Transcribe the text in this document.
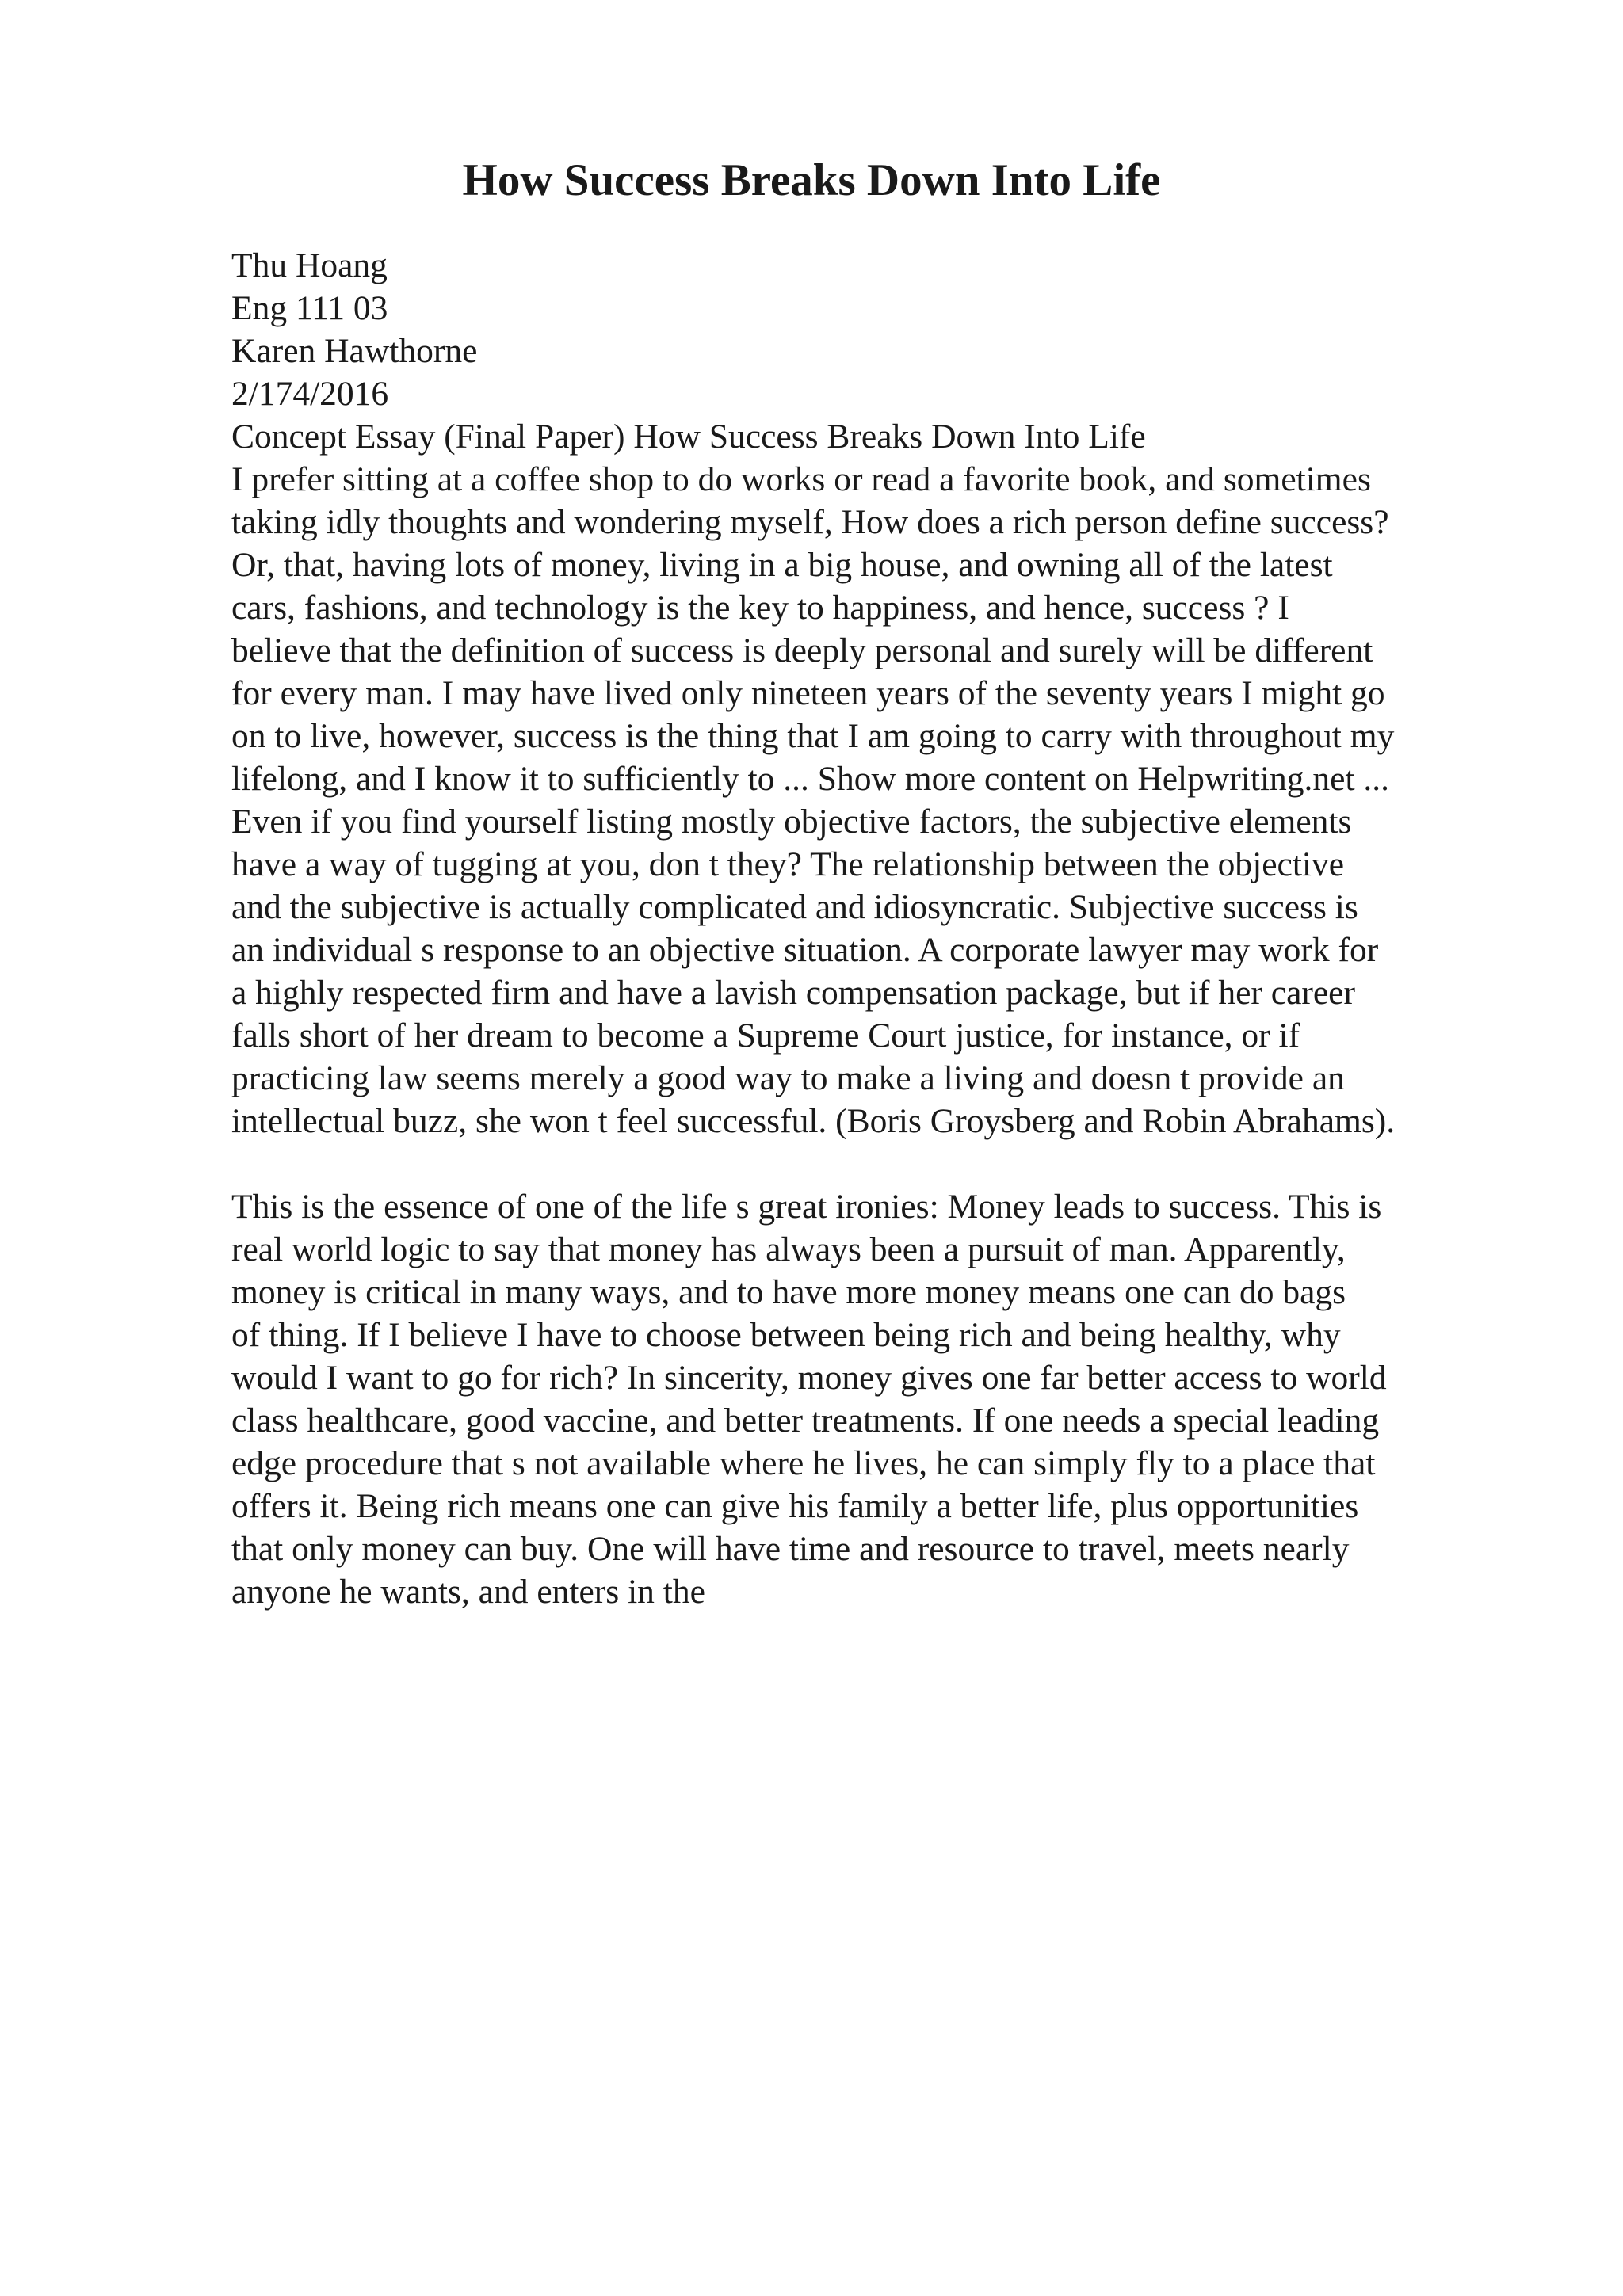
How Success Breaks Down Into Life
Thu Hoang
Eng 111 03
Karen Hawthorne
2/174/2016
Concept Essay (Final Paper) How Success Breaks Down Into Life
I prefer sitting at a coffee shop to do works or read a favorite book, and sometimes
taking idly thoughts and wondering myself, How does a rich person define success?
Or, that, having lots of money, living in a big house, and owning all of the latest
cars, fashions, and technology is the key to happiness, and hence, success ? I
believe that the definition of success is deeply personal and surely will be different
for every man. I may have lived only nineteen years of the seventy years I might go
on to live, however, success is the thing that I am going to carry with throughout my
lifelong, and I know it to sufficiently to ... Show more content on Helpwriting.net ...
Even if you find yourself listing mostly objective factors, the subjective elements
have a way of tugging at you, don t they? The relationship between the objective
and the subjective is actually complicated and idiosyncratic. Subjective success is
an individual s response to an objective situation. A corporate lawyer may work for
a highly respected firm and have a lavish compensation package, but if her career
falls short of her dream to become a Supreme Court justice, for instance, or if
practicing law seems merely a good way to make a living and doesn t provide an
intellectual buzz, she won t feel successful. (Boris Groysberg and Robin Abrahams).
This is the essence of one of the life s great ironies: Money leads to success. This is
real world logic to say that money has always been a pursuit of man. Apparently,
money is critical in many ways, and to have more money means one can do bags
of thing. If I believe I have to choose between being rich and being healthy, why
would I want to go for rich? In sincerity, money gives one far better access to world
class healthcare, good vaccine, and better treatments. If one needs a special leading
edge procedure that s not available where he lives, he can simply fly to a place that
offers it. Being rich means one can give his family a better life, plus opportunities
that only money can buy. One will have time and resource to travel, meets nearly
anyone he wants, and enters in the
